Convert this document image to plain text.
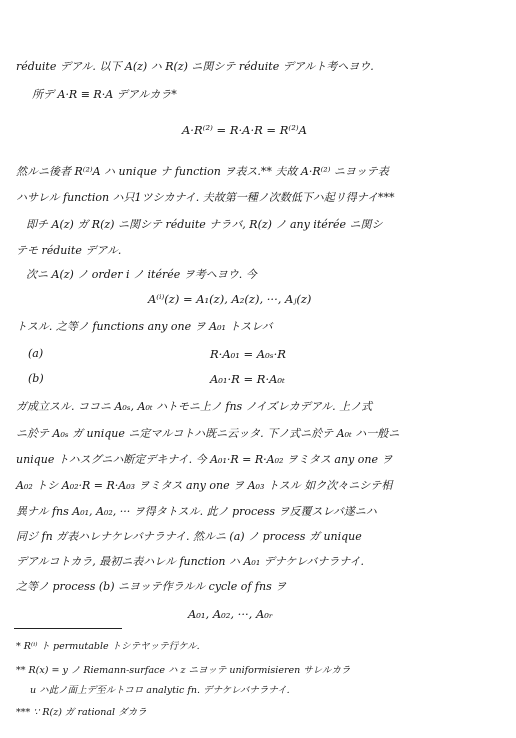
réduite デアル. 以下 A(z) ハ R(z) ニ関シテ réduite デアルト考ヘヨウ.
所デ A·R ≡ R·A デアルカラ*
A·R⁽²⁾ = R·A·R = R⁽²⁾A
然ルニ後者 R⁽²⁾A ハ unique ナ function ヲ表ス.** 夫故 A·R⁽²⁾ ニヨッテ表
ハサレル function ハ只1ツシカナイ. 夫故第一種ノ次数低下ハ起リ得ナイ***
即チ A(z) ガ R(z) ニ関シテ réduite ナラバ, R(z) ノ any itérée ニ関シ
テモ réduite デアル.
次ニ A(z) ノ order i ノ itérée ヲ考ヘヨウ. 今
A⁽ⁱ⁾(z) = A₁(z), A₂(z), ···, Aⱼ(z)
トスル. 之等ノ functions any one ヲ A₀₁ トスレバ
(a)	R·A₀₁ = A₀ₛ·R
(b)	A₀₁·R = R·A₀ₜ
ガ成立スル. ココニ A₀ₛ, A₀ₜ ハトモニ上ノ fns ノイズレカデアル. 上ノ式
ニ於テ A₀ₛ ガ unique ニ定マルコトハ既ニ云ッタ. 下ノ式ニ於テ A₀ₜ ハ一般ニ
unique トハスグニハ断定デキナイ. 今 A₀₁·R = R·A₀₂ ヲミタス any one ヲ
A₀₂ トシ A₀₂·R = R·A₀₃ ヲミタス any one ヲ A₀₃ トスル 如ク次々ニシテ相
異ナル fns A₀₁, A₀₂, ··· ヲ得タトスル. 此ノ process ヲ反覆スレバ遂ニハ
同ジ fn ガ表ハレナケレバナラナイ. 然ルニ (a) ノ process ガ unique
デアルコトカラ, 最初ニ表ハレル function ハ A₀₁ デナケレバナラナイ.
之等ノ process (b) ニヨッテ作ラルル cycle of fns ヲ
A₀₁, A₀₂, ···, A₀ᵣ
* R⁽ⁱ⁾ ト permutable トシテヤッテ行ケル.
** R(x) = y ノ Riemann-surface ハ z ニヨッテ uniformisieren サレルカラ
u ハ此ノ面上デ至ルトコロ analytic fn. デナケレバナラナイ.
*** ∵ R(z) ガ rational ダカラ
